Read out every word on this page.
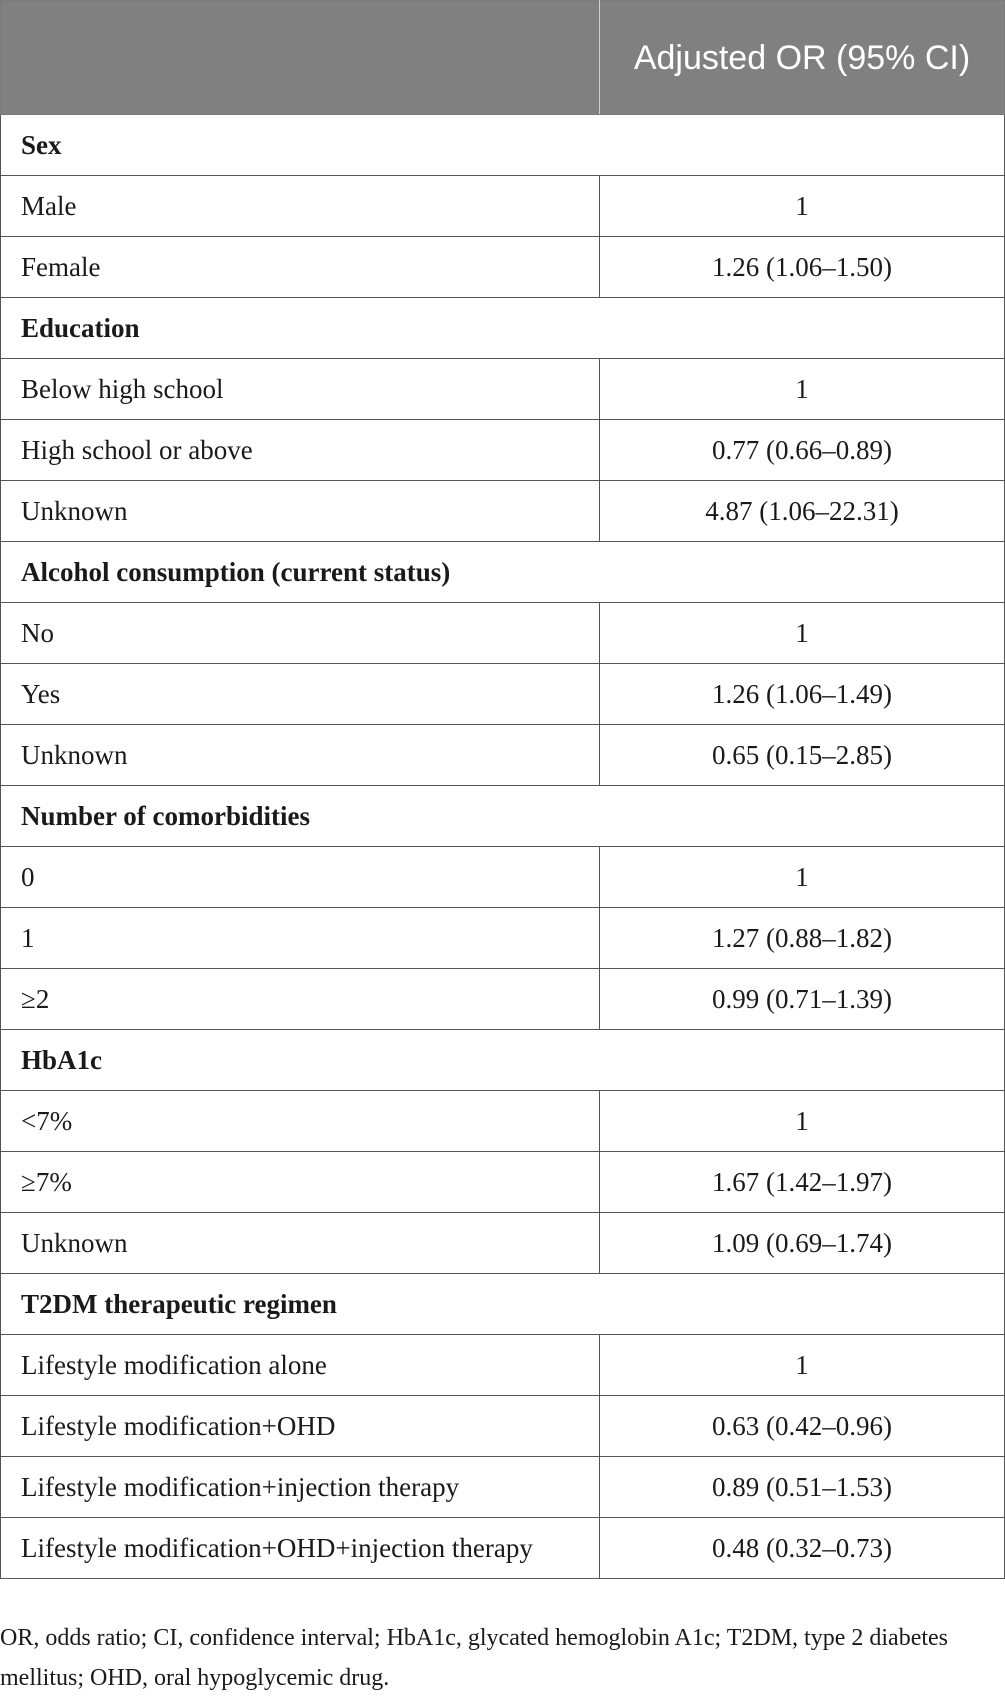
	Adjusted OR (95% CI)
Sex	
Male	1
Female	1.26 (1.06–1.50)
Education	
Below high school	1
High school or above	0.77 (0.66–0.89)
Unknown	4.87 (1.06–22.31)
Alcohol consumption (current status)	
No	1
Yes	1.26 (1.06–1.49)
Unknown	0.65 (0.15–2.85)
Number of comorbidities	
0	1
1	1.27 (0.88–1.82)
≥2	0.99 (0.71–1.39)
HbA1c	
<7%	1
≥7%	1.67 (1.42–1.97)
Unknown	1.09 (0.69–1.74)
T2DM therapeutic regimen	
Lifestyle modification alone	1
Lifestyle modification+OHD	0.63 (0.42–0.96)
Lifestyle modification+injection therapy	0.89 (0.51–1.53)
Lifestyle modification+OHD+injection therapy	0.48 (0.32–0.73)
OR, odds ratio; CI, confidence interval; HbA1c, glycated hemoglobin A1c; T2DM, type 2 diabetes mellitus; OHD, oral hypoglycemic drug.
